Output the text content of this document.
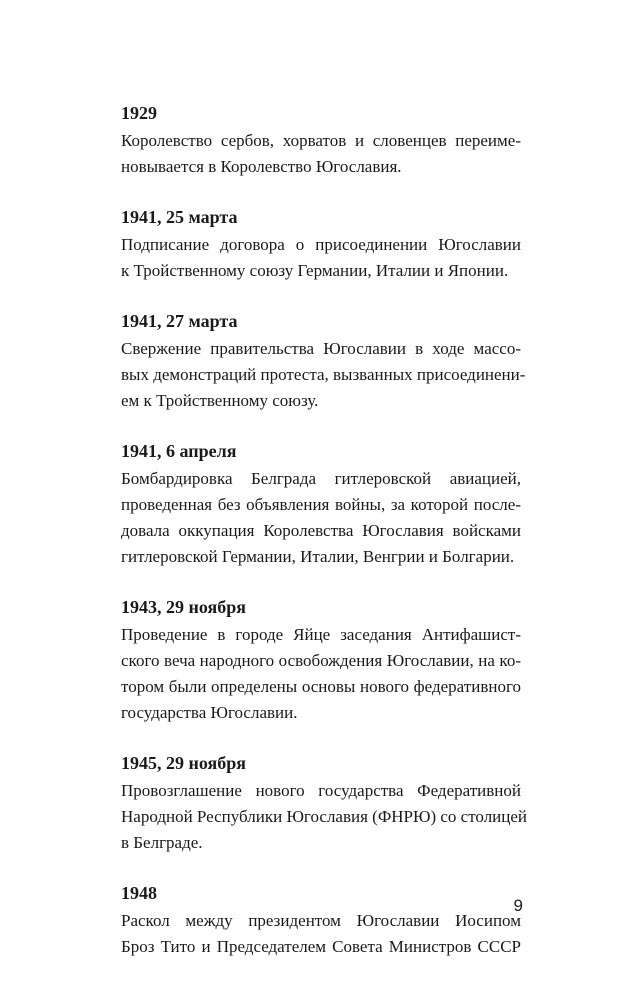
1929
Королевство сербов, хорватов и словенцев переиме-
новывается в Королевство Югославия.
1941, 25 марта
Подписание договора о присоединении Югославии
к Тройственному союзу Германии, Италии и Японии.
1941, 27 марта
Свержение правительства Югославии в ходе массо-
вых демонстраций протеста, вызванных присоединени-
ем к Тройственному союзу.
1941, 6 апреля
Бомбардировка Белграда гитлеровской авиацией,
проведенная без объявления войны, за которой после-
довала оккупация Королевства Югославия войсками
гитлеровской Германии, Италии, Венгрии и Болгарии.
1943, 29 ноября
Проведение в городе Яйце заседания Антифашист-
ского веча народного освобождения Югославии, на ко-
тором были определены основы нового федеративного
государства Югославии.
1945, 29 ноября
Провозглашение нового государства Федеративной
Народной Республики Югославия (ФНРЮ) со столицей
в Белграде.
1948
Раскол между президентом Югославии Иосипом
Броз Тито и Председателем Совета Министров СССР
9
